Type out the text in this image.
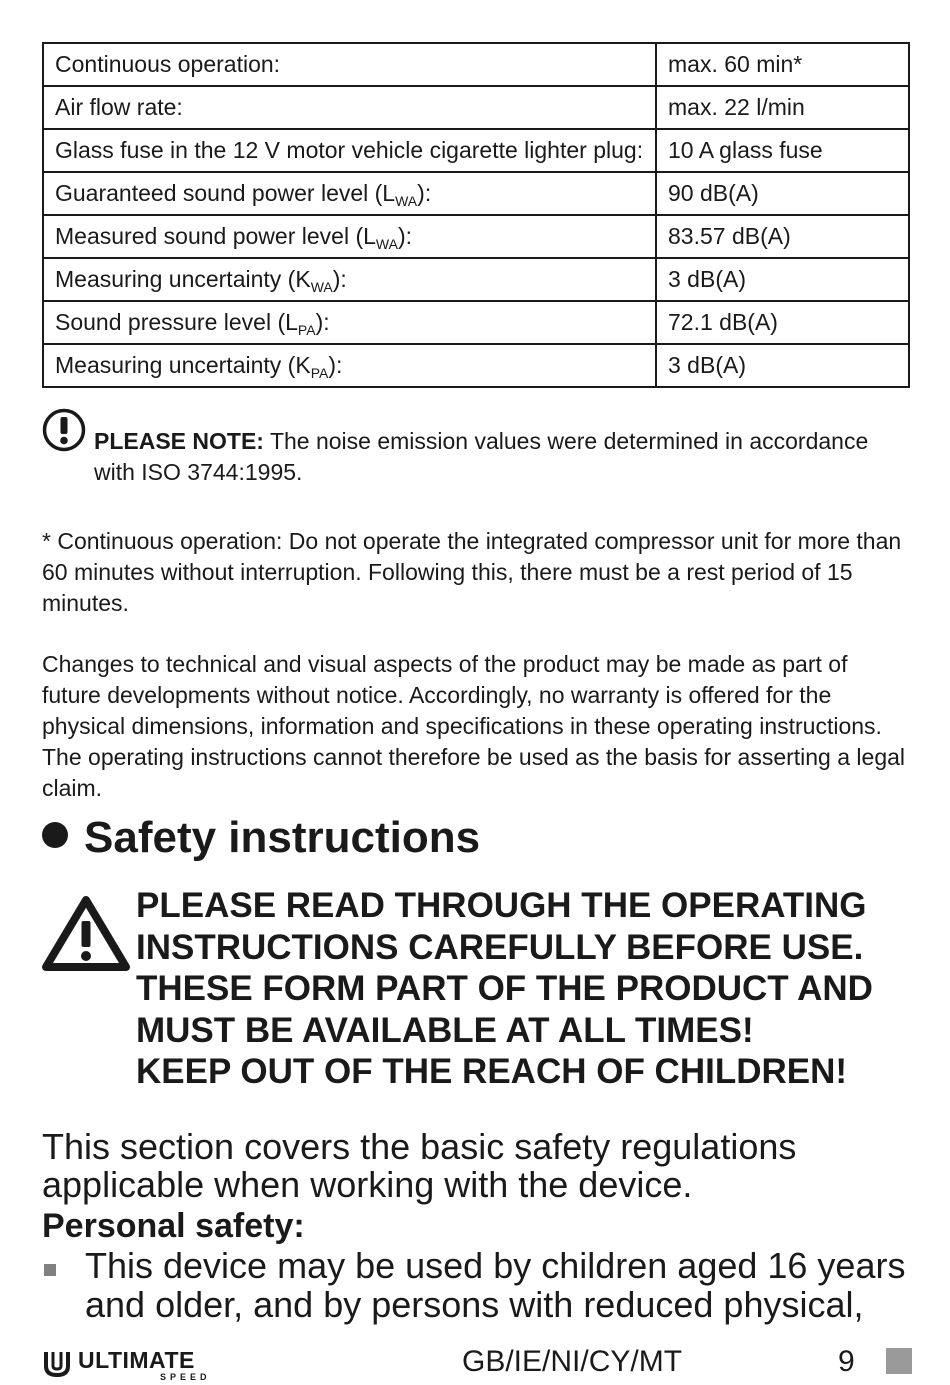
Continuous operation:	max. 60 min*
Air flow rate:	max. 22 l/min
Glass fuse in the 12 V motor vehicle cigarette lighter plug:	10 A glass fuse
Guaranteed sound power level $(L_{WA})$:	90 dB(A)
Measured sound power level $(L_{WA})$:	83.57 dB(A)
Measuring uncertainty $(K_{WA})$:	3 dB(A)
Sound pressure level $(L_{PA})$:	72.1 dB(A)
Measuring uncertainty $(K_{PA})$:	3 dB(A)
PLEASE NOTE: The noise emission values were determined in accordance with ISO 3744:1995.

* Continuous operation: Do not operate the integrated compressor unit for more than 60 minutes without interruption. Following this, there must be a rest period of 15 minutes.

Changes to technical and visual aspects of the product may be made as part of future developments without notice. Accordingly, no warranty is offered for the physical dimensions, information and specifications in these operating instructions. The operating instructions cannot therefore be used as the basis for asserting a legal claim.

Safety instructions
PLEASE READ THROUGH THE OPERATING
INSTRUCTIONS CAREFULLY BEFORE USE.
THESE FORM PART OF THE PRODUCT AND
MUST BE AVAILABLE AT ALL TIMES!
KEEP OUT OF THE REACH OF CHILDREN!

This section covers the basic safety regulations applicable when working with the device.

Personal safety:
This device may be used by children aged 16 years and older, and by persons with reduced physical,
ULTIMATE
SPEED	GB/IE/NI/CY/MT	9
